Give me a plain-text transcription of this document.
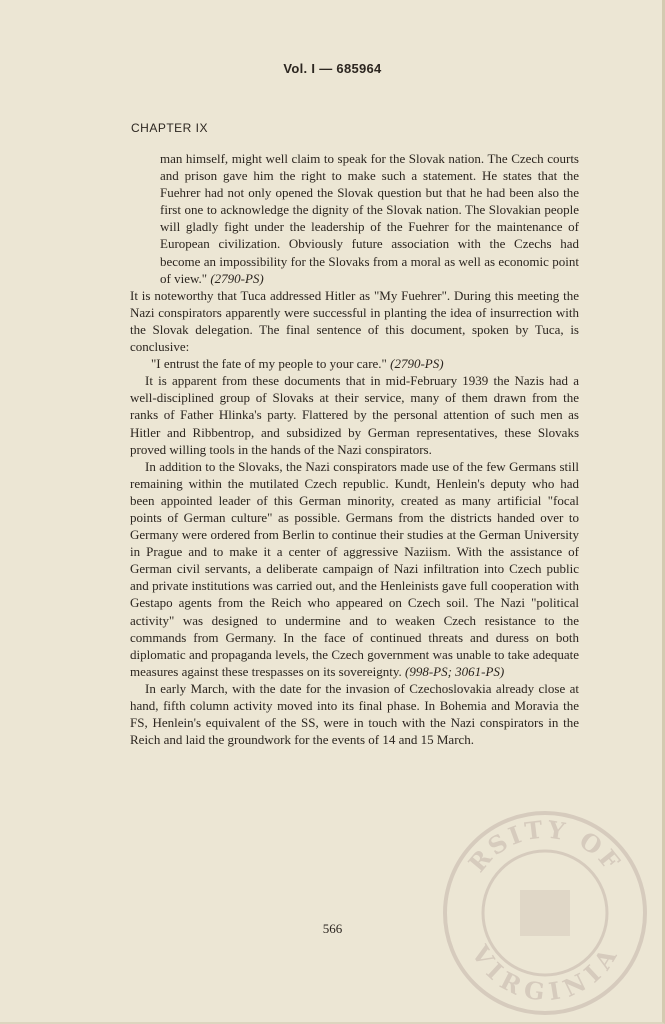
Vol. I — 685964
CHAPTER IX

man himself, might well claim to speak for the Slovak nation. The Czech courts and prison gave him the right to make such a statement. He states that the Fuehrer had not only opened the Slovak question but that he had been also the first one to acknowledge the dignity of the Slovak nation. The Slovakian people will gladly fight under the leadership of the Fuehrer for the maintenance of European civilization. Obviously future association with the Czechs had become an impossibility for the Slovaks from a moral as well as economic point of view." (2790-PS)

It is noteworthy that Tuca addressed Hitler as "My Fuehrer". During this meeting the Nazi conspirators apparently were successful in planting the idea of insurrection with the Slovak delegation. The final sentence of this document, spoken by Tuca, is conclusive:

"I entrust the fate of my people to your care." (2790-PS)

It is apparent from these documents that in mid-February 1939 the Nazis had a well-disciplined group of Slovaks at their service, many of them drawn from the ranks of Father Hlinka's party. Flattered by the personal attention of such men as Hitler and Ribbentrop, and subsidized by German representatives, these Slovaks proved willing tools in the hands of the Nazi conspirators.

In addition to the Slovaks, the Nazi conspirators made use of the few Germans still remaining within the mutilated Czech republic. Kundt, Henlein's deputy who had been appointed leader of this German minority, created as many artificial "focal points of German culture" as possible. Germans from the districts handed over to Germany were ordered from Berlin to continue their studies at the German University in Prague and to make it a center of aggressive Naziism. With the assistance of German civil servants, a deliberate campaign of Nazi infiltration into Czech public and private institutions was carried out, and the Henleinists gave full cooperation with Gestapo agents from the Reich who appeared on Czech soil. The Nazi "political activity" was designed to undermine and to weaken Czech resistance to the commands from Germany. In the face of continued threats and duress on both diplomatic and propaganda levels, the Czech government was unable to take adequate measures against these trespasses on its sovereignty. (998-PS; 3061-PS)

In early March, with the date for the invasion of Czechoslovakia already close at hand, fifth column activity moved into its final phase. In Bohemia and Moravia the FS, Henlein's equivalent of the SS, were in touch with the Nazi conspirators in the Reich and laid the groundwork for the events of 14 and 15 March.

566
RSITY OF
VIRGINIA
